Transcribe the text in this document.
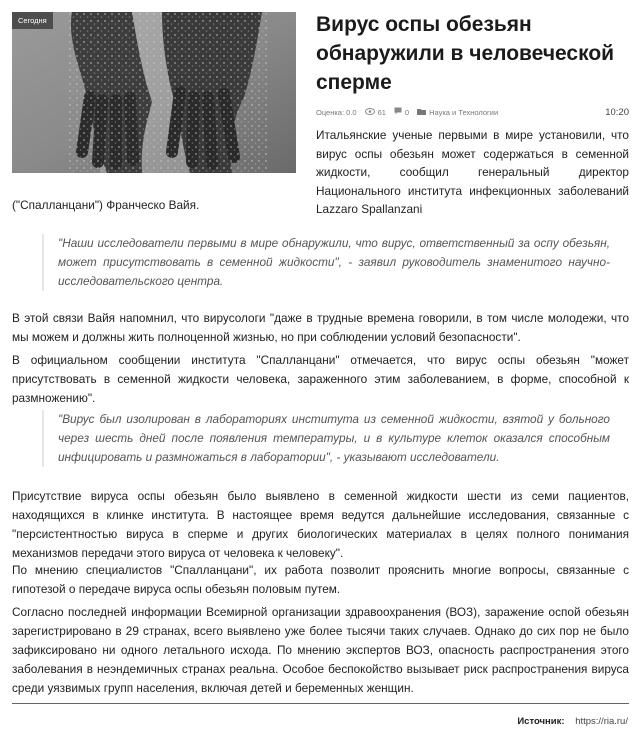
Сегодня	Вирус оспы обезьян обнаружили в человеческой сперме
Оценка: 0.0	61	0	Наука и Технологии	10:20

Итальянские ученые первыми в мире установили, что вирус оспы обезьян может содержаться в семенной жидкости, сообщил генеральный директор Национального института инфекционных заболеваний Lazzaro Spallanzani

("Спалланцани") Франческо Вайя.

"Наши исследователи первыми в мире обнаружили, что вирус, ответственный за оспу обезьян, может присутствовать в семенной жидкости", - заявил руководитель знаменитого научно-исследовательского центра.

В этой связи Вайя напомнил, что вирусологи "даже в трудные времена говорили, в том числе молодежи, что мы можем и должны жить полноценной жизнью, но при соблюдении условий безопасности".

В официальном сообщении института "Спалланцани" отмечается, что вирус оспы обезьян "может присутствовать в семенной жидкости человека, зараженного этим заболеванием, в форме, способной к размножению".

"Вирус был изолирован в лабораториях института из семенной жидкости, взятой у больного через шесть дней после появления температуры, и в культуре клеток оказался способным инфицировать и размножаться в лаборатории", - указывают исследователи.

Присутствие вируса оспы обезьян было выявлено в семенной жидкости шести из семи пациентов, находящихся в клинке института. В настоящее время ведутся дальнейшие исследования, связанные с "персистентностью вируса в сперме и других биологических материалах в целях полного понимания механизмов передачи этого вируса от человека к человеку".

По мнению специалистов "Спалланцани", их работа позволит прояснить многие вопросы, связанные с гипотезой о передаче вируса оспы обезьян половым путем.

Согласно последней информации Всемирной организации здравоохранения (ВОЗ), заражение оспой обезьян зарегистрировано в 29 странах, всего выявлено уже более тысячи таких случаев. Однако до сих пор не было зафиксировано ни одного летального исхода. По мнению экспертов ВОЗ, опасность распространения этого заболевания в неэндемичных странах реальна. Особое беспокойство вызывает риск распространения вируса среди уязвимых групп населения, включая детей и беременных женщин.

Источник: https://ria.ru/
